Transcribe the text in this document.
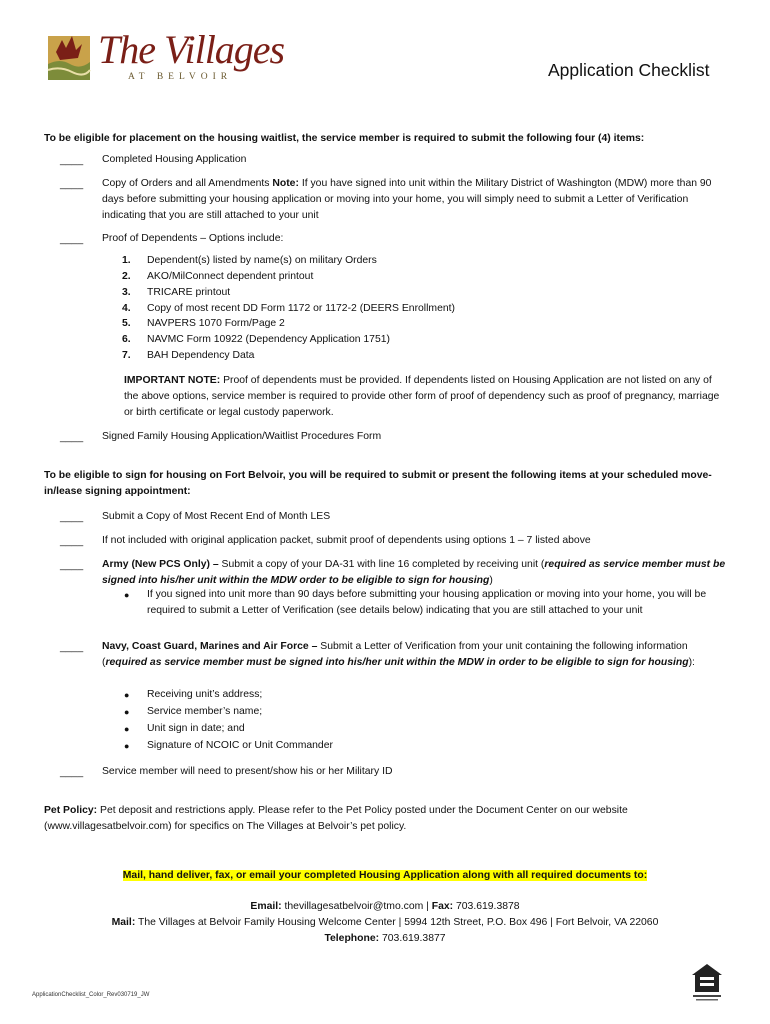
The Villages
AT BELVOIR	Application Checklist
To be eligible for placement on the housing waitlist, the service member is required to submit the following four (4) items:
____ Completed Housing Application
____ Copy of Orders and all Amendments Note: If you have signed into unit within the Military District of Washington (MDW) more than 90 days before submitting your housing application or moving into your home, you will simply need to submit a Letter of Verification indicating that you are still attached to your unit
____ Proof of Dependents – Options include:
1. Dependent(s) listed by name(s) on military Orders
2. AKO/MilConnect dependent printout
3. TRICARE printout
4. Copy of most recent DD Form 1172 or 1172-2 (DEERS Enrollment)
5. NAVPERS 1070 Form/Page 2
6. NAVMC Form 10922 (Dependency Application 1751)
7. BAH Dependency Data
IMPORTANT NOTE: Proof of dependents must be provided. If dependents listed on Housing Application are not listed on any of the above options, service member is required to provide other form of proof of dependency such as proof of pregnancy, marriage or birth certificate or legal custody paperwork.
____ Signed Family Housing Application/Waitlist Procedures Form
To be eligible to sign for housing on Fort Belvoir, you will be required to submit or present the following items at your scheduled move-in/lease signing appointment:
____ Submit a Copy of Most Recent End of Month LES
____ If not included with original application packet, submit proof of dependents using options 1 – 7 listed above
____ Army (New PCS Only) – Submit a copy of your DA-31 with line 16 completed by receiving unit (required as service member must be signed into his/her unit within the MDW order to be eligible to sign for housing)
● If you signed into unit more than 90 days before submitting your housing application or moving into your home, you will be required to submit a Letter of Verification (see details below) indicating that you are still attached to your unit
____ Navy, Coast Guard, Marines and Air Force – Submit a Letter of Verification from your unit containing the following information (required as service member must be signed into his/her unit within the MDW in order to be eligible to sign for housing):
● Receiving unit’s address;
● Service member’s name;
● Unit sign in date; and
● Signature of NCOIC or Unit Commander
____ Service member will need to present/show his or her Military ID
Pet Policy: Pet deposit and restrictions apply. Please refer to the Pet Policy posted under the Document Center on our website (www.villagesatbelvoir.com) for specifics on The Villages at Belvoir’s pet policy.
Mail, hand deliver, fax, or email your completed Housing Application along with all required documents to:
Email: thevillagesatbelvoir@tmo.com | Fax: 703.619.3878
Mail: The Villages at Belvoir Family Housing Welcome Center | 5994 12th Street, P.O. Box 496 | Fort Belvoir, VA 22060
Telephone: 703.619.3877
ApplicationChecklist_Color_Rev030719_JW
